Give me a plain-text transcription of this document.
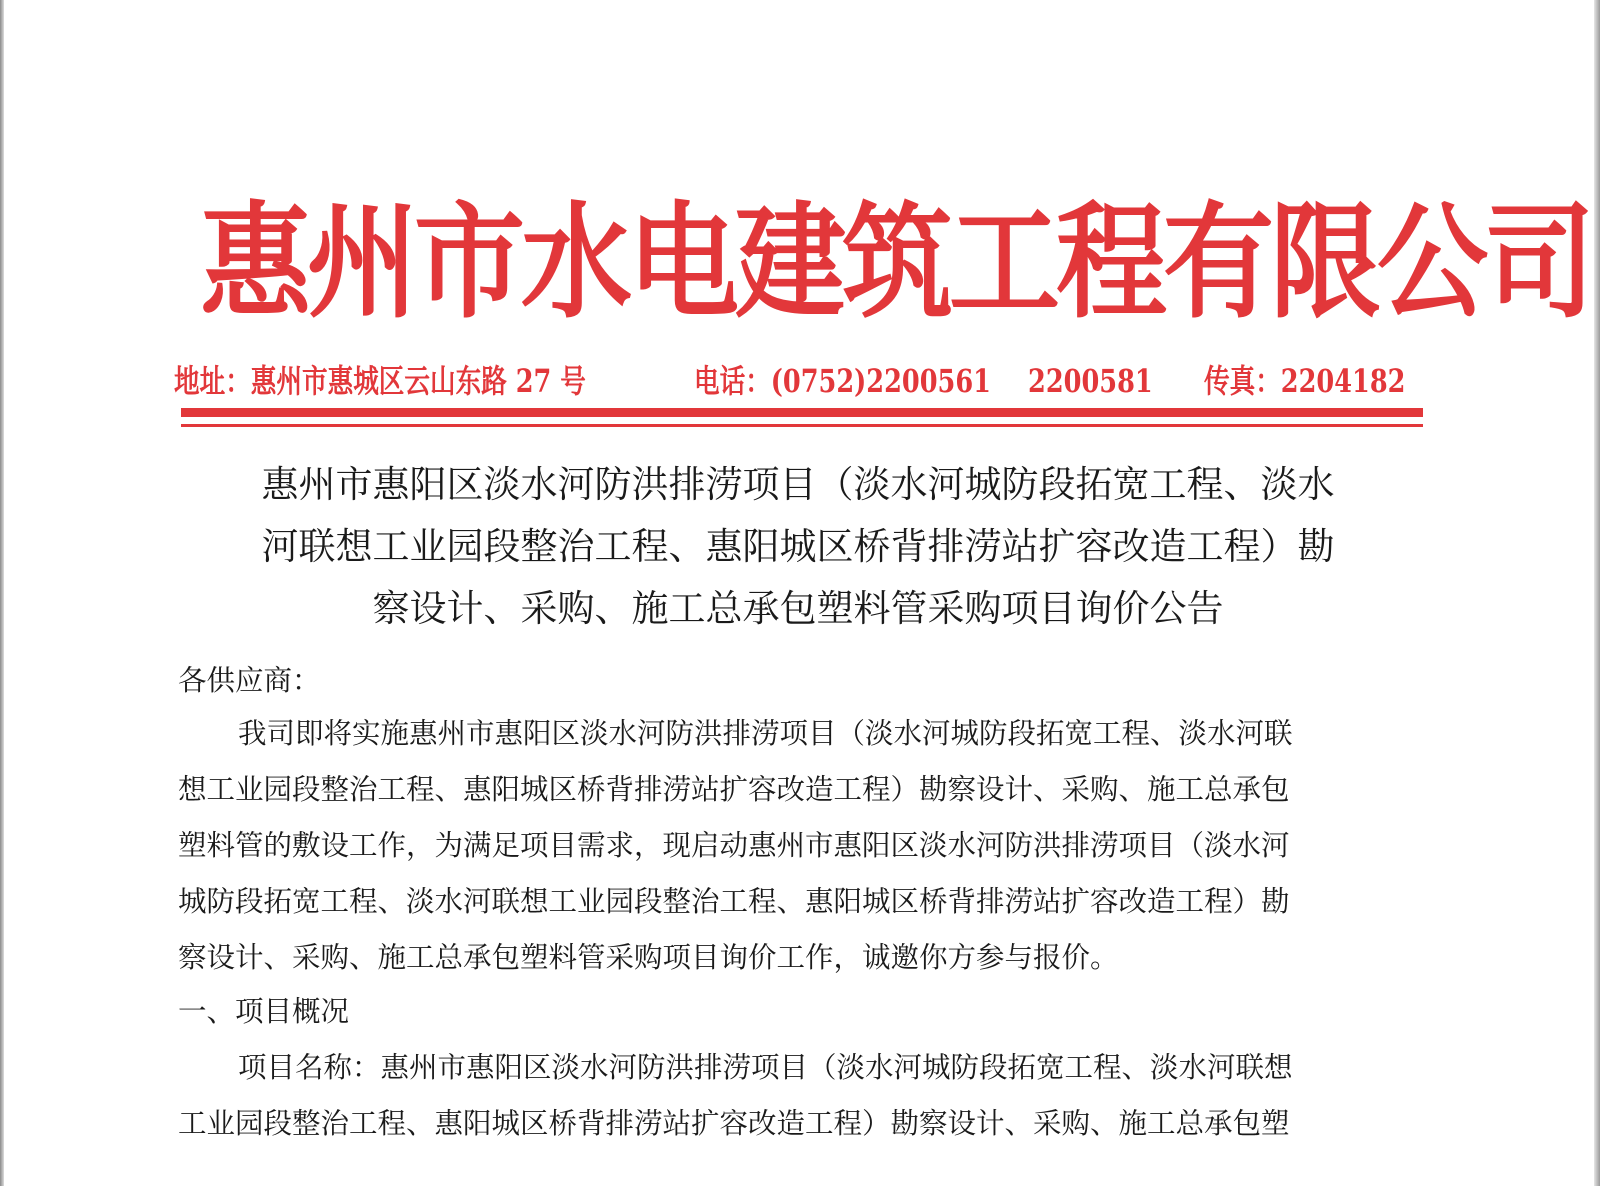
惠州市水电建筑工程有限公司
地址：惠州市惠城区云山东路 27 号	电话：(0752)2200561 2200581 传真：2204182
惠州市惠阳区淡水河防洪排涝项目（淡水河城防段拓宽工程、淡水
河联想工业园段整治工程、惠阳城区桥背排涝站扩容改造工程）勘
察设计、采购、施工总承包塑料管采购项目询价公告
各供应商：
我司即将实施惠州市惠阳区淡水河防洪排涝项目（淡水河城防段拓宽工程、淡水河联
想工业园段整治工程、惠阳城区桥背排涝站扩容改造工程）勘察设计、采购、施工总承包
塑料管的敷设工作，为满足项目需求，现启动惠州市惠阳区淡水河防洪排涝项目（淡水河
城防段拓宽工程、淡水河联想工业园段整治工程、惠阳城区桥背排涝站扩容改造工程）勘
察设计、采购、施工总承包塑料管采购项目询价工作，诚邀你方参与报价。
一、项目概况
项目名称：惠州市惠阳区淡水河防洪排涝项目（淡水河城防段拓宽工程、淡水河联想
工业园段整治工程、惠阳城区桥背排涝站扩容改造工程）勘察设计、采购、施工总承包塑
